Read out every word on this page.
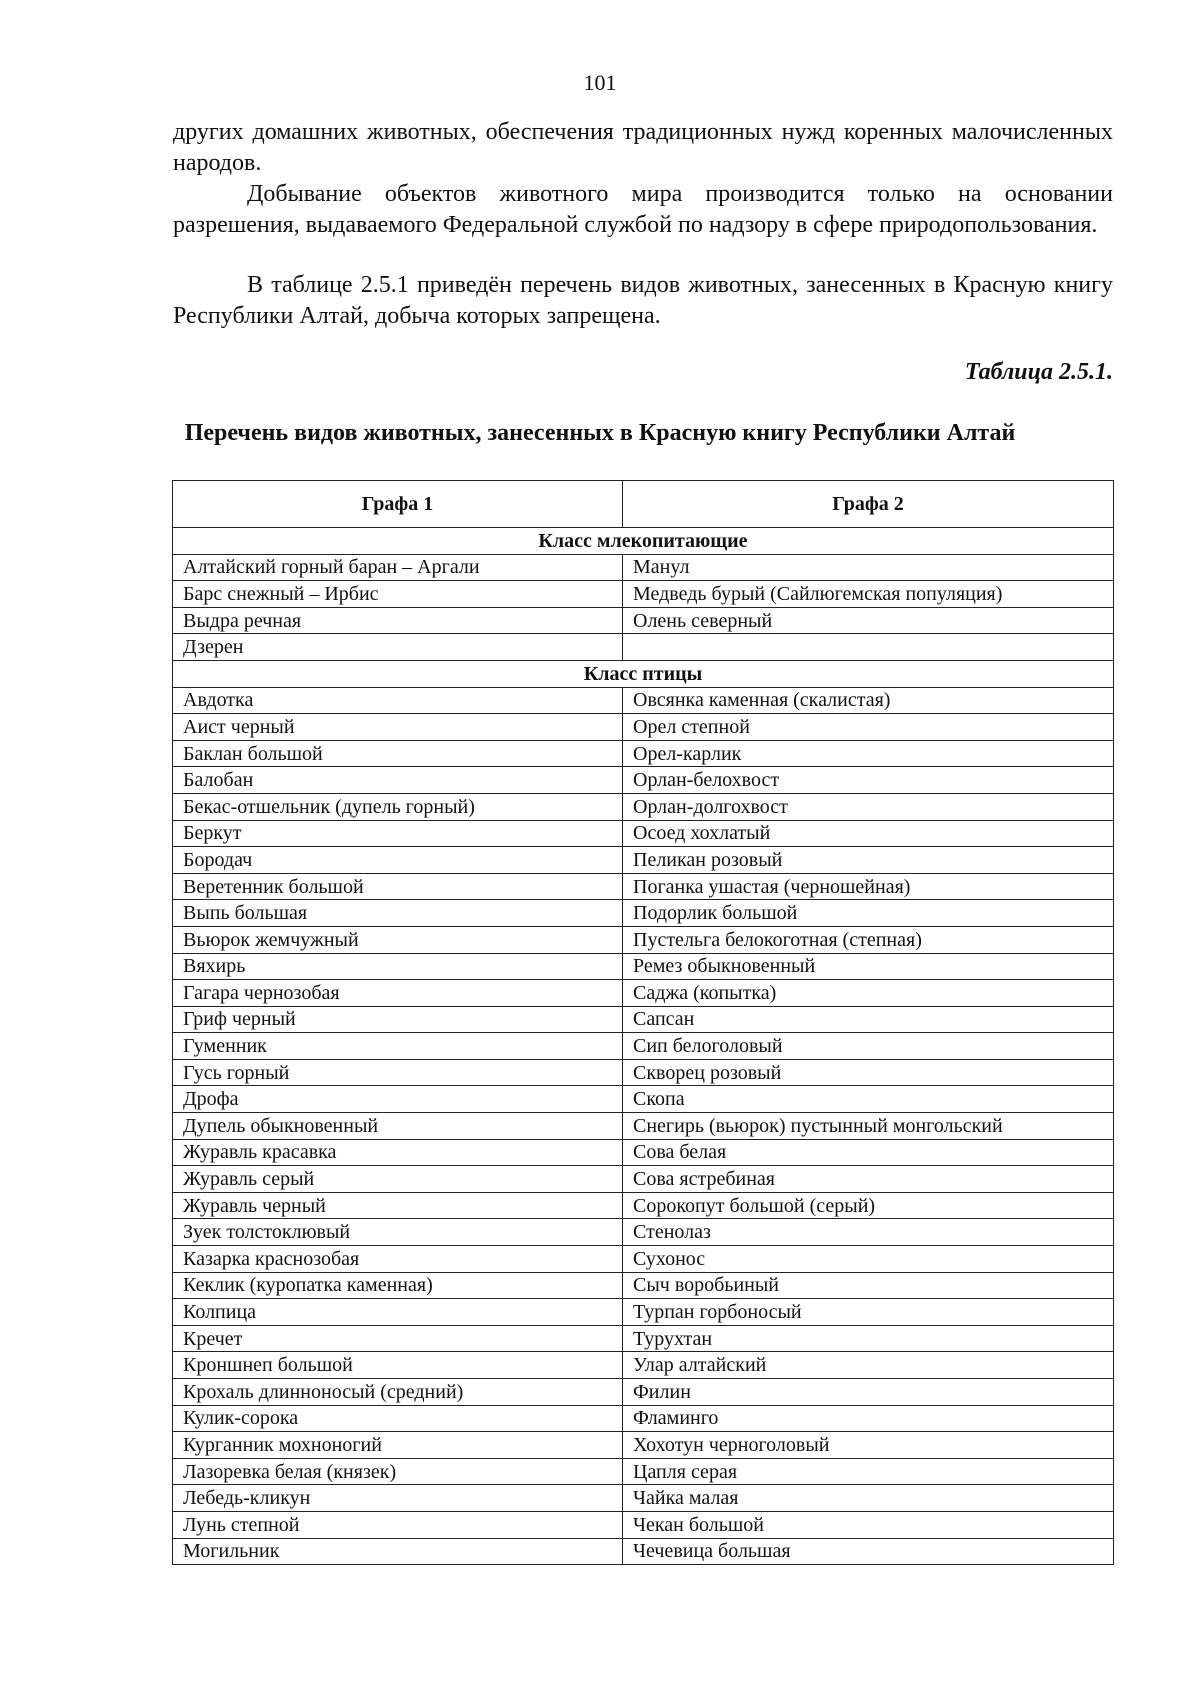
101

других домашних животных, обеспечения традиционных нужд коренных малочисленных народов.

Добывание объектов животного мира производится только на основании разрешения, выдаваемого Федеральной службой по надзору в сфере природопользования.

В таблице 2.5.1 приведён перечень видов животных, занесенных в Красную книгу Республики Алтай, добыча которых запрещена.

Таблица 2.5.1.
Перечень видов животных, занесенных в Красную книгу Республики Алтай
Графа 1	Графа 2
Класс млекопитающие	
Алтайский горный баран – Аргали	Манул
Барс снежный – Ирбис	Медведь бурый (Сайлюгемская популяция)
Выдра речная	Олень северный
Дзерен	
Класс птицы	
Авдотка	Овсянка каменная (скалистая)
Аист черный	Орел степной
Баклан большой	Орел-карлик
Балобан	Орлан-белохвост
Бекас-отшельник (дупель горный)	Орлан-долгохвост
Беркут	Осоед хохлатый
Бородач	Пеликан розовый
Веретенник большой	Поганка ушастая (черношейная)
Выпь большая	Подорлик большой
Вьюрок жемчужный	Пустельга белокоготная (степная)
Вяхирь	Ремез обыкновенный
Гагара чернозобая	Саджа (копытка)
Гриф черный	Сапсан
Гуменник	Сип белоголовый
Гусь горный	Скворец розовый
Дрофа	Скопа
Дупель обыкновенный	Снегирь (вьюрок) пустынный монгольский
Журавль красавка	Сова белая
Журавль серый	Сова ястребиная
Журавль черный	Сорокопут большой (серый)
Зуек толстоклювый	Стенолаз
Казарка краснозобая	Сухонос
Кеклик (куропатка каменная)	Сыч воробьиный
Колпица	Турпан горбоносый
Кречет	Турухтан
Кроншнеп большой	Улар алтайский
Крохаль длинноносый (средний)	Филин
Кулик-сорока	Фламинго
Курганник мохноногий	Хохотун черноголовый
Лазоревка белая (князек)	Цапля серая
Лебедь-кликун	Чайка малая
Лунь степной	Чекан большой
Могильник	Чечевица большая
